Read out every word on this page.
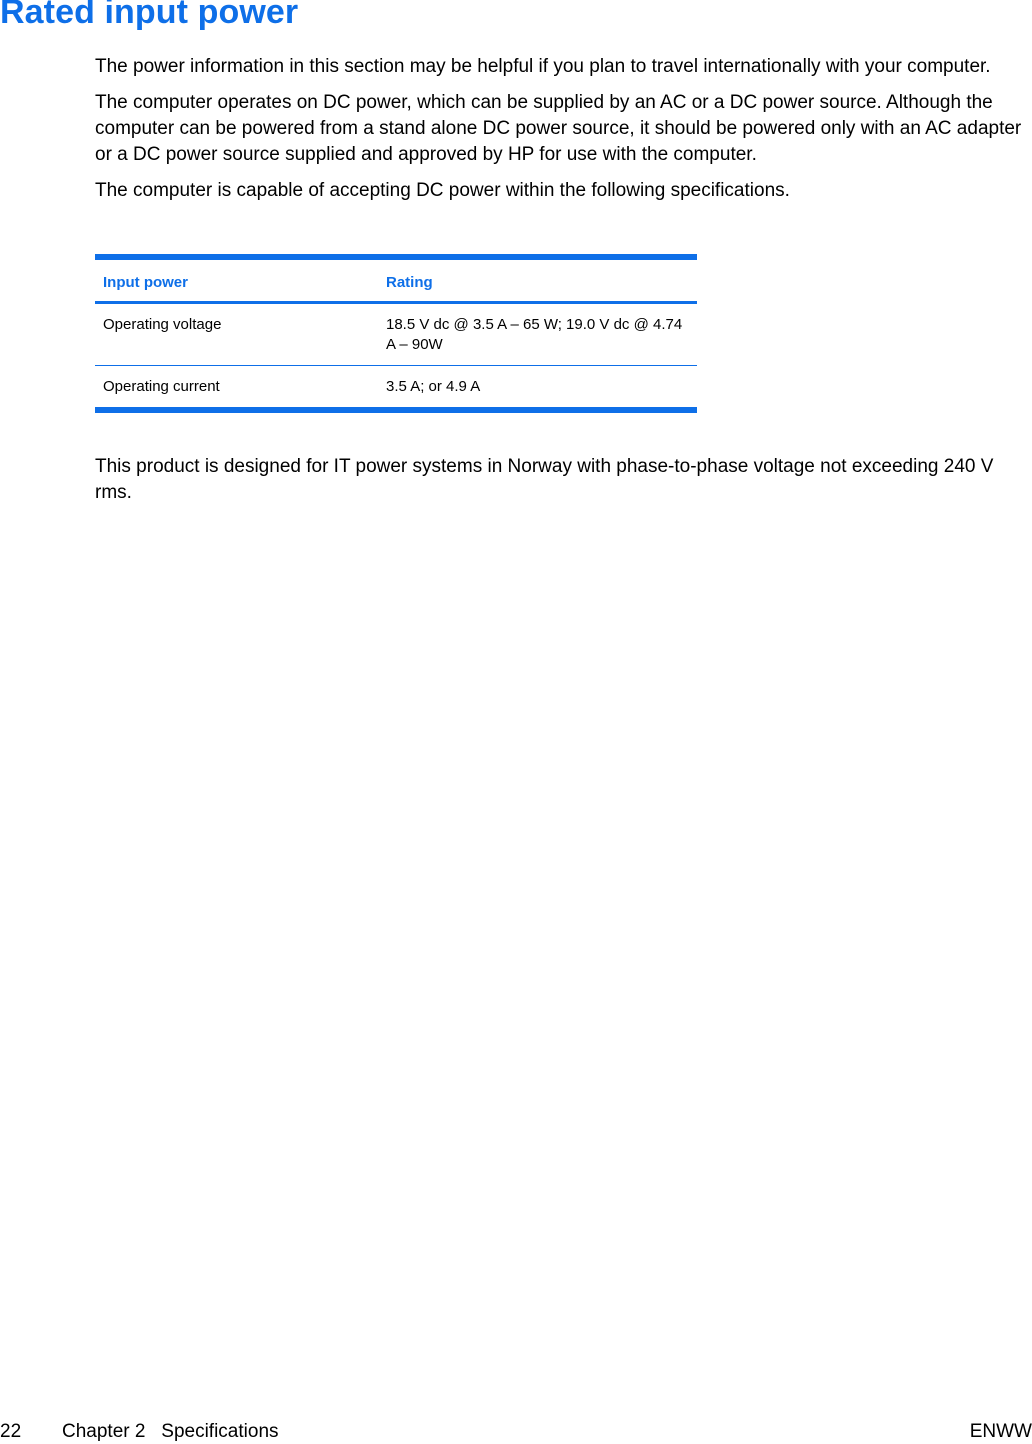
Rated input power

The power information in this section may be helpful if you plan to travel internationally with your computer.

The computer operates on DC power, which can be supplied by an AC or a DC power source. Although the computer can be powered from a stand alone DC power source, it should be powered only with an AC adapter or a DC power source supplied and approved by HP for use with the computer.

The computer is capable of accepting DC power within the following specifications.

Input power	Rating
Operating voltage	18.5 V dc @ 3.5 A – 65 W; 19.0 V dc @ 4.74 A – 90W
Operating current	3.5 A; or 4.9 A

This product is designed for IT power systems in Norway with phase-to-phase voltage not exceeding 240 V rms.

22 Chapter 2   Specifications	ENWW
